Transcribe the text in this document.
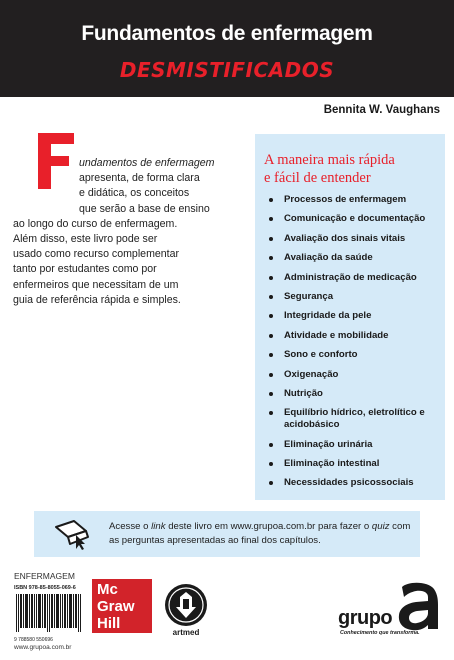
Fundamentos de enfermagem
DESMISTIFICADOS
Bennita W. Vaughans
undamentos de enfermagem
apresenta, de forma clara
e didática, os conceitos
que serão a base de ensino
ao longo do curso de enfermagem.
Além disso, este livro pode ser
usado como recurso complementar
tanto por estudantes como por
enfermeiros que necessitam de um
guia de referência rápida e simples.
A maneira mais rápida
e fácil de entender
Processos de enfermagem
Comunicação e documentação
Avaliação dos sinais vitais
Avaliação da saúde
Administração de medicação
Segurança
Integridade da pele
Atividade e mobilidade
Sono e conforto
Oxigenação
Nutrição
Equilíbrio hídrico, eletrolítico e acidobásico
Eliminação urinária
Eliminação intestinal
Necessidades psicossociais
Acesse o link deste livro em www.grupoa.com.br para fazer o quiz com as perguntas apresentadas ao final dos capítulos.
ENFERMAGEM
ISBN 978-85-8055-069-6
9 788580 550696
www.grupoa.com.br
Mc
Graw
Hill
artmed
grupo
Conhecimento que transforma.
